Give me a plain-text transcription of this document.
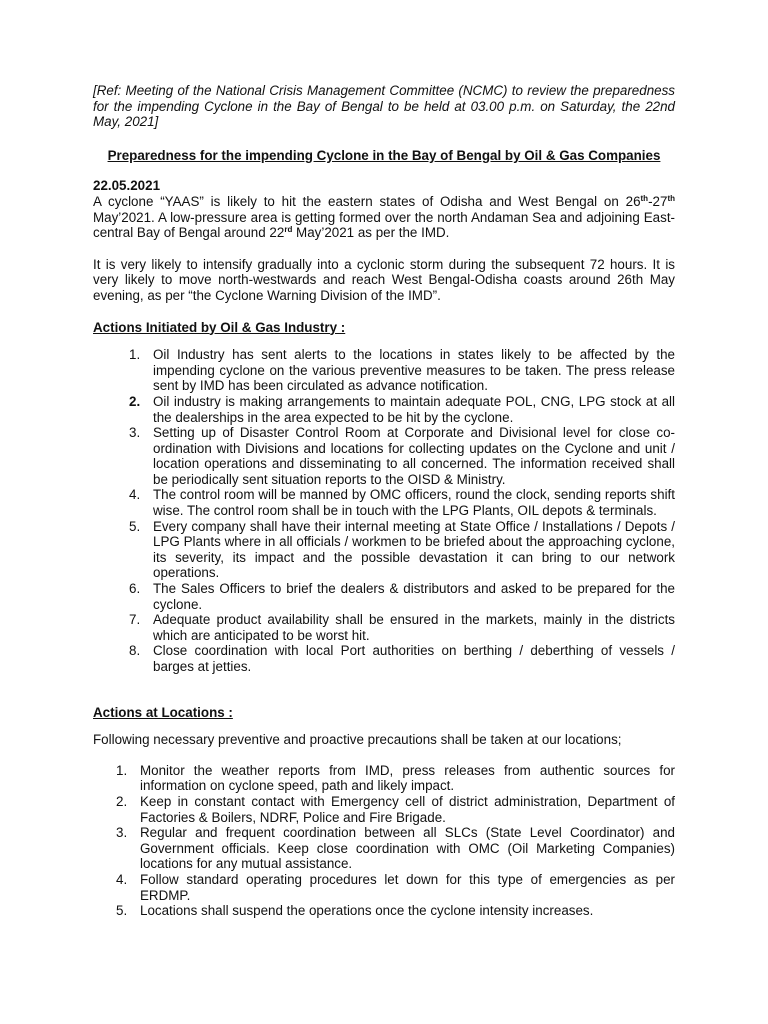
[Ref: Meeting of the National Crisis Management Committee (NCMC) to review the preparedness for the impending Cyclone in the Bay of Bengal to be held at 03.00 p.m. on Saturday, the 22nd May, 2021]

Preparedness for the impending Cyclone in the Bay of Bengal by Oil & Gas Companies

22.05.2021

A cyclone “YAAS” is likely to hit the eastern states of Odisha and West Bengal on 26th-27th May’2021. A low-pressure area is getting formed over the north Andaman Sea and adjoining East-central Bay of Bengal around 22rd May’2021 as per the IMD.

It is very likely to intensify gradually into a cyclonic storm during the subsequent 72 hours. It is very likely to move north-westwards and reach West Bengal-Odisha coasts around 26th May evening, as per “the Cyclone Warning Division of the IMD”.

Actions Initiated by Oil & Gas Industry :

1. Oil Industry has sent alerts to the locations in states likely to be affected by the impending cyclone on the various preventive measures to be taken. The press release sent by IMD has been circulated as advance notification.
2. Oil industry is making arrangements to maintain adequate POL, CNG, LPG stock at all the dealerships in the area expected to be hit by the cyclone.
3. Setting up of Disaster Control Room at Corporate and Divisional level for close co-ordination with Divisions and locations for collecting updates on the Cyclone and unit / location operations and disseminating to all concerned. The information received shall be periodically sent situation reports to the OISD & Ministry.
4. The control room will be manned by OMC officers, round the clock, sending reports shift wise. The control room shall be in touch with the LPG Plants, OIL depots & terminals.
5. Every company shall have their internal meeting at State Office / Installations / Depots / LPG Plants where in all officials / workmen to be briefed about the approaching cyclone, its severity, its impact and the possible devastation it can bring to our network operations.
6. The Sales Officers to brief the dealers & distributors and asked to be prepared for the cyclone.
7. Adequate product availability shall be ensured in the markets, mainly in the districts which are anticipated to be worst hit.
8. Close coordination with local Port authorities on berthing / deberthing of vessels / barges at jetties.

Actions at Locations :

Following necessary preventive and proactive precautions shall be taken at our locations;

1. Monitor the weather reports from IMD, press releases from authentic sources for information on cyclone speed, path and likely impact.
2. Keep in constant contact with Emergency cell of district administration, Department of Factories & Boilers, NDRF, Police and Fire Brigade.
3. Regular and frequent coordination between all SLCs (State Level Coordinator) and Government officials. Keep close coordination with OMC (Oil Marketing Companies) locations for any mutual assistance.
4. Follow standard operating procedures let down for this type of emergencies as per ERDMP.
5. Locations shall suspend the operations once the cyclone intensity increases.
